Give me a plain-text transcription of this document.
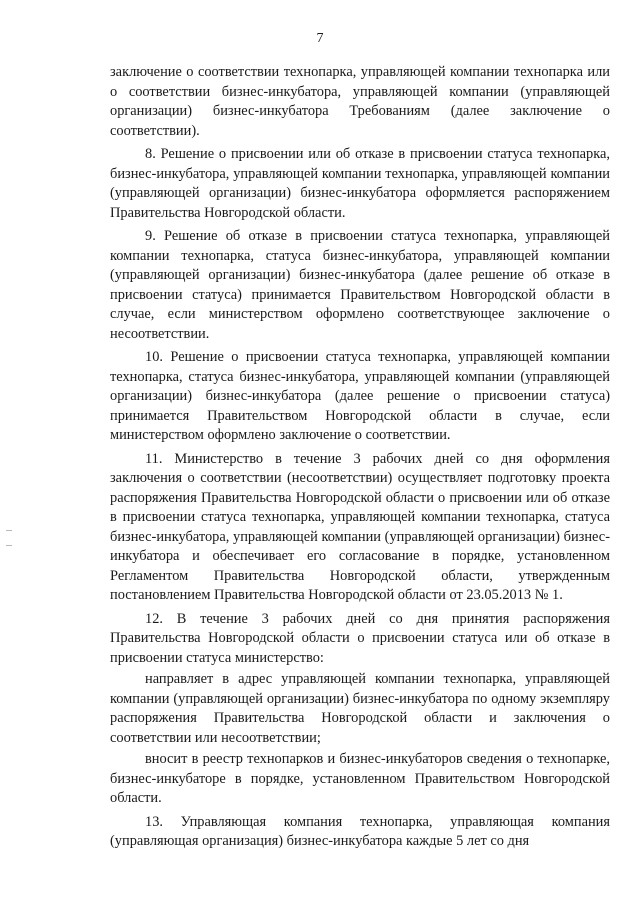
7

заключение о соответствии технопарка, управляющей компании технопарка или о соответствии бизнес-инкубатора, управляющей компании (управляющей организации) бизнес-инкубатора Требованиям (далее заключение о соответствии).

8. Решение о присвоении или об отказе в присвоении статуса технопарка, бизнес-инкубатора, управляющей компании технопарка, управляющей компании (управляющей организации) бизнес-инкубатора оформляется распоряжением Правительства Новгородской области.

9. Решение об отказе в присвоении статуса технопарка, управляющей компании технопарка, статуса бизнес-инкубатора, управляющей компании (управляющей организации) бизнес-инкубатора (далее решение об отказе в присвоении статуса) принимается Правительством Новгородской области в случае, если министерством оформлено соответствующее заключение о несоответствии.

10. Решение о присвоении статуса технопарка, управляющей компании технопарка, статуса бизнес-инкубатора, управляющей компании (управляющей организации) бизнес-инкубатора (далее решение о присвоении статуса) принимается Правительством Новгородской области в случае, если министерством оформлено заключение о соответствии.

11. Министерство в течение 3 рабочих дней со дня оформления заключения о соответствии (несоответствии) осуществляет подготовку проекта распоряжения Правительства Новгородской области о присвоении или об отказе в присвоении статуса технопарка, управляющей компании технопарка, статуса бизнес-инкубатора, управляющей компании (управляющей организации) бизнес-инкубатора и обеспечивает его согласование в порядке, установленном Регламентом Правительства Новгородской области, утвержденным постановлением Правительства Новгородской области от 23.05.2013 № 1.

12. В течение 3 рабочих дней со дня принятия распоряжения Правительства Новгородской области о присвоении статуса или об отказе в присвоении статуса министерство:

направляет в адрес управляющей компании технопарка, управляющей компании (управляющей организации) бизнес-инкубатора по одному экземпляру распоряжения Правительства Новгородской области и заключения о соответствии или несоответствии;

вносит в реестр технопарков и бизнес-инкубаторов сведения о технопарке, бизнес-инкубаторе в порядке, установленном Правительством Новгородской области.

13. Управляющая компания технопарка, управляющая компания (управляющая организация) бизнес-инкубатора каждые 5 лет со дня
